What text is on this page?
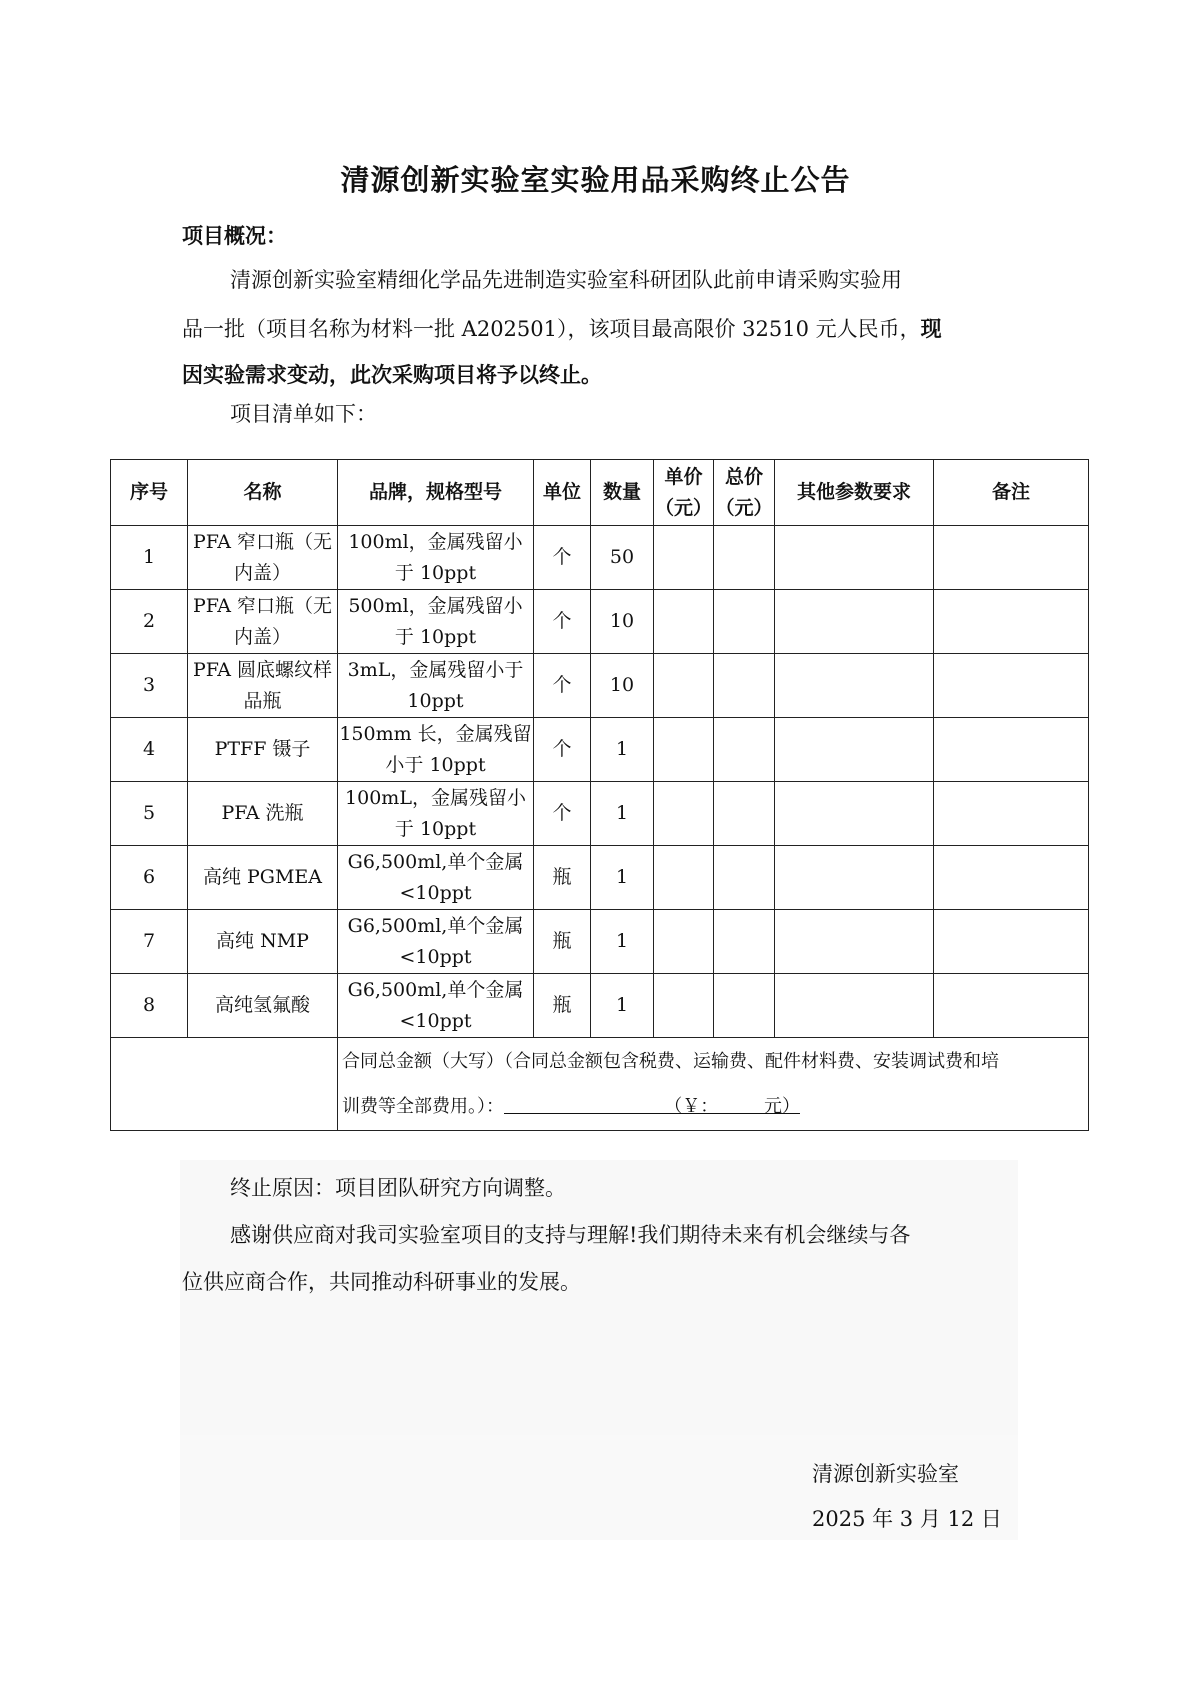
清源创新实验室实验用品采购终止公告
项目概况：
清源创新实验室精细化学品先进制造实验室科研团队此前申请采购实验用
品一批（项目名称为材料一批 A202501），该项目最高限价 32510 元人民币，现
因实验需求变动，此次采购项目将予以终止。
项目清单如下：
序号	名称	品牌，规格型号	单位	数量	单价（元）	总价（元）	其他参数要求	备注
1	PFA 窄口瓶（无内盖）	100ml，金属残留小于 10ppt	个	50				
2	PFA 窄口瓶（无内盖）	500ml，金属残留小于 10ppt	个	10				
3	PFA 圆底螺纹样品瓶	3mL，金属残留小于 10ppt	个	10				
4	PTFF 镊子	150mm 长，金属残留小于 10ppt	个	1				
5	PFA 洗瓶	100mL，金属残留小于 10ppt	个	1				
6	高纯 PGMEA	G6,500ml,单个金属<10ppt	瓶	1				
7	高纯 NMP	G6,500ml,单个金属<10ppt	瓶	1				
8	高纯氢氟酸	G6,500ml,单个金属<10ppt	瓶	1				

		合同总金额（大写）（合同总金额包含税费、运输费、配件材料费、安装调试费和培
训费等全部费用。）：                            （￥：        元）						
终止原因：项目团队研究方向调整。
感谢供应商对我司实验室项目的支持与理解!我们期待未来有机会继续与各
位供应商合作，共同推动科研事业的发展。
清源创新实验室
2025 年 3 月 12 日
